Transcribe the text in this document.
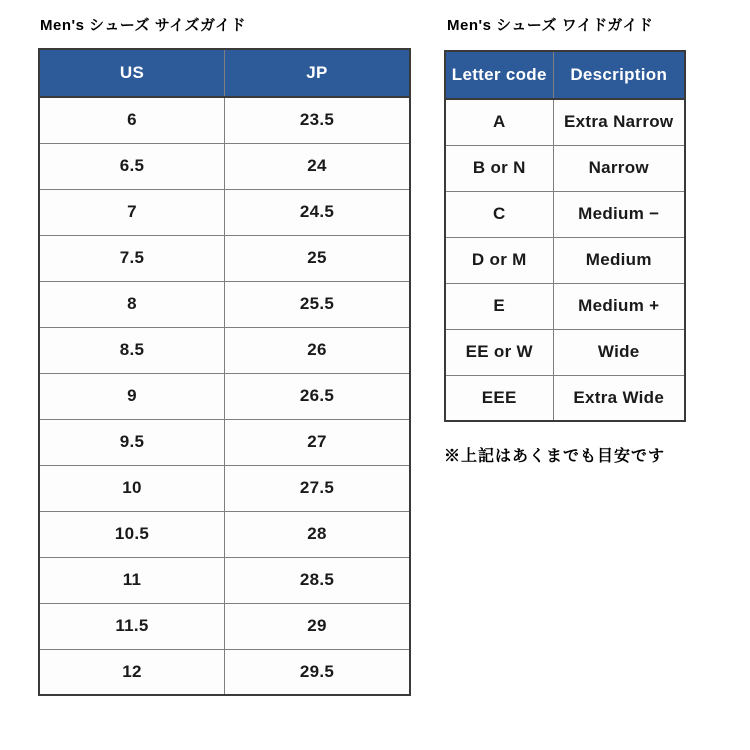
Men's シューズ サイズガイド
US	JP
6	23.5
6.5	24
7	24.5
7.5	25
8	25.5
8.5	26
9	26.5
9.5	27
10	27.5
10.5	28
11	28.5
11.5	29
12	29.5
Men's シューズ ワイドガイド
Letter code	Description
A	Extra Narrow
B or N	Narrow
C	Medium −
D or M	Medium
E	Medium +
EE or W	Wide
EEE	Extra Wide
※上記はあくまでも目安です
